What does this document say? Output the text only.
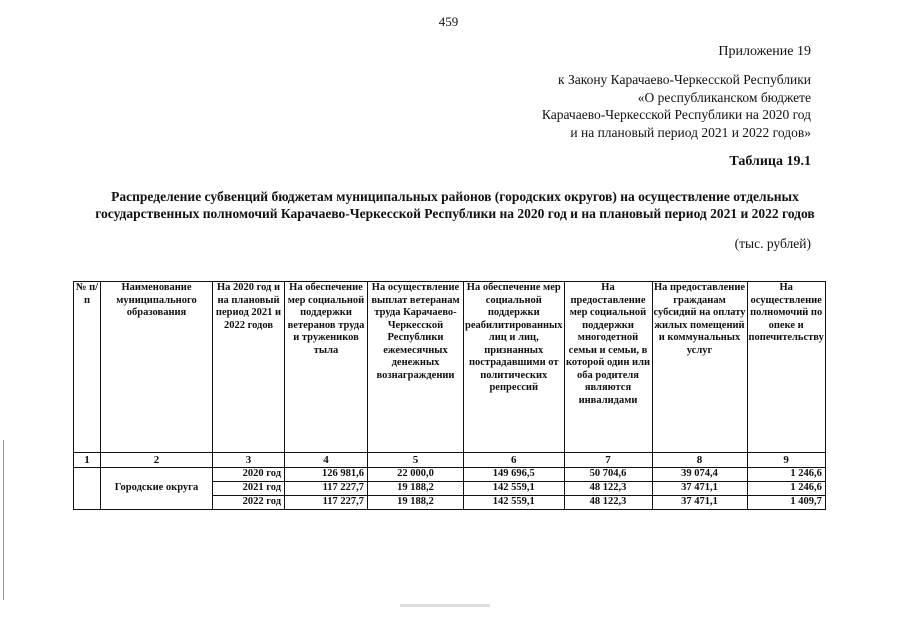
459
Приложение 19
к Закону Карачаево-Черкесской Республики
«О республиканском бюджете
Карачаево-Черкесской Республики на 2020 год
и на плановый период 2021 и 2022 годов»
Таблица 19.1
Распределение субвенций бюджетам муниципальных районов (городских округов) на осуществление отдельных государственных полномочий Карачаево-Черкесской Республики на 2020 год и на плановый период 2021 и 2022 годов
(тыс. рублей)
№ п/п	Наименование муниципального образования	На 2020 год и на плановый период 2021 и 2022 годов	На обеспечение мер социальной поддержки ветеранов труда и тружеников тыла	На осуществление выплат ветеранам труда Карачаево-Черкесской Республики ежемесячных денежных вознаграждении	На обеспечение мер социальной поддержки реабилитированных лиц и лиц, признанных пострадавшими от политических репрессий	На предоставление мер социальной поддержки многодетной семьи и семьи, в которой один или оба родителя являются инвалидами	На предоставление гражданам субсидий на оплату жилых помещений и коммунальных услуг	На осуществление полномочий по опеке и попечительству
1	2	3	4	5	6	7	8	9
	Городские округа	2020 год	126 981,6	22 000,0	149 696,5	50 704,6	39 074,4	1 246,6
		2021 год	117 227,7	19 188,2	142 559,1	48 122,3	37 471,1	1 246,6
		2022 год	117 227,7	19 188,2	142 559,1	48 122,3	37 471,1	1 409,7
